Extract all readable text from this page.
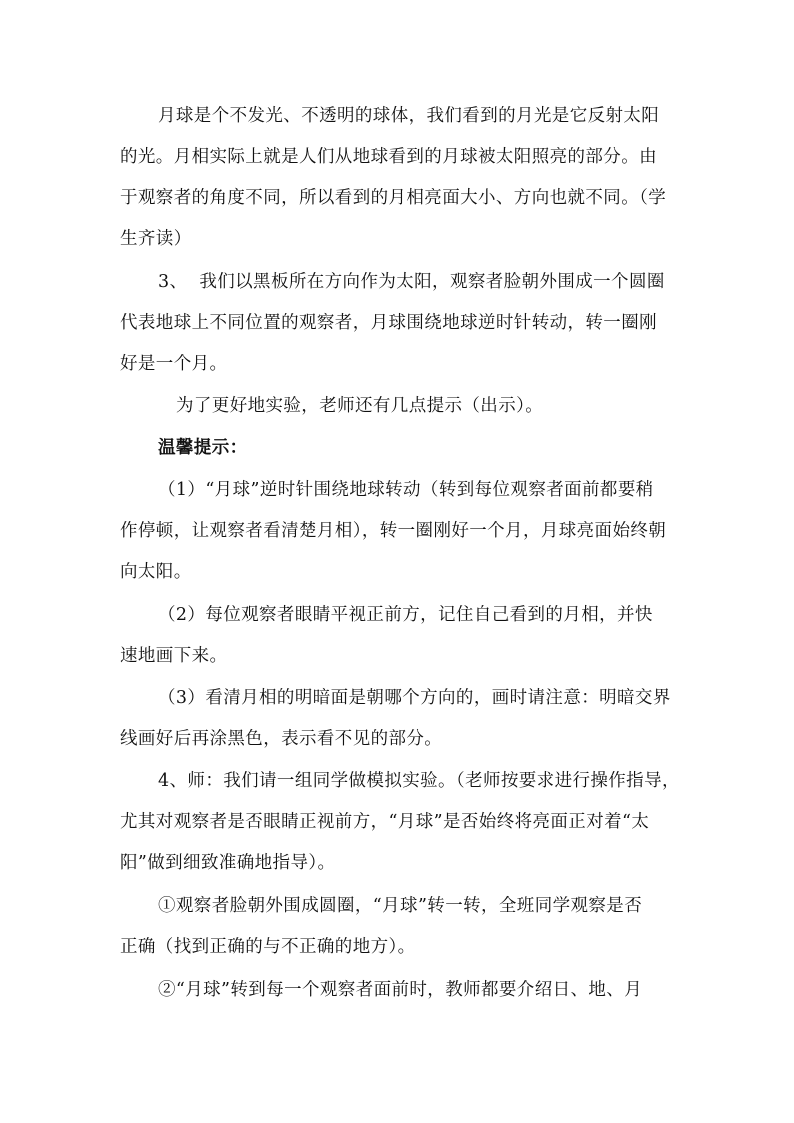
月球是个不发光、不透明的球体，我们看到的月光是它反射太阳
的光。月相实际上就是人们从地球看到的月球被太阳照亮的部分。由
于观察者的角度不同，所以看到的月相亮面大小、方向也就不同。（学
生齐读）
3、  我们以黑板所在方向作为太阳，观察者脸朝外围成一个圆圈
代表地球上不同位置的观察者，月球围绕地球逆时针转动，转一圈刚
好是一个月。
为了更好地实验，老师还有几点提示（出示）。
温馨提示：
（1）“月球”逆时针围绕地球转动（转到每位观察者面前都要稍
作停顿，让观察者看清楚月相），转一圈刚好一个月，月球亮面始终朝
向太阳。
（2）每位观察者眼睛平视正前方，记住自己看到的月相，并快
速地画下来。
（3）看清月相的明暗面是朝哪个方向的，画时请注意：明暗交界
线画好后再涂黑色，表示看不见的部分。
4、师：我们请一组同学做模拟实验。（老师按要求进行操作指导，
尤其对观察者是否眼睛正视前方，“月球”是否始终将亮面正对着“太
阳”做到细致准确地指导）。
①观察者脸朝外围成圆圈，“月球”转一转，全班同学观察是否
正确（找到正确的与不正确的地方）。
②“月球”转到每一个观察者面前时，教师都要介绍日、地、月
